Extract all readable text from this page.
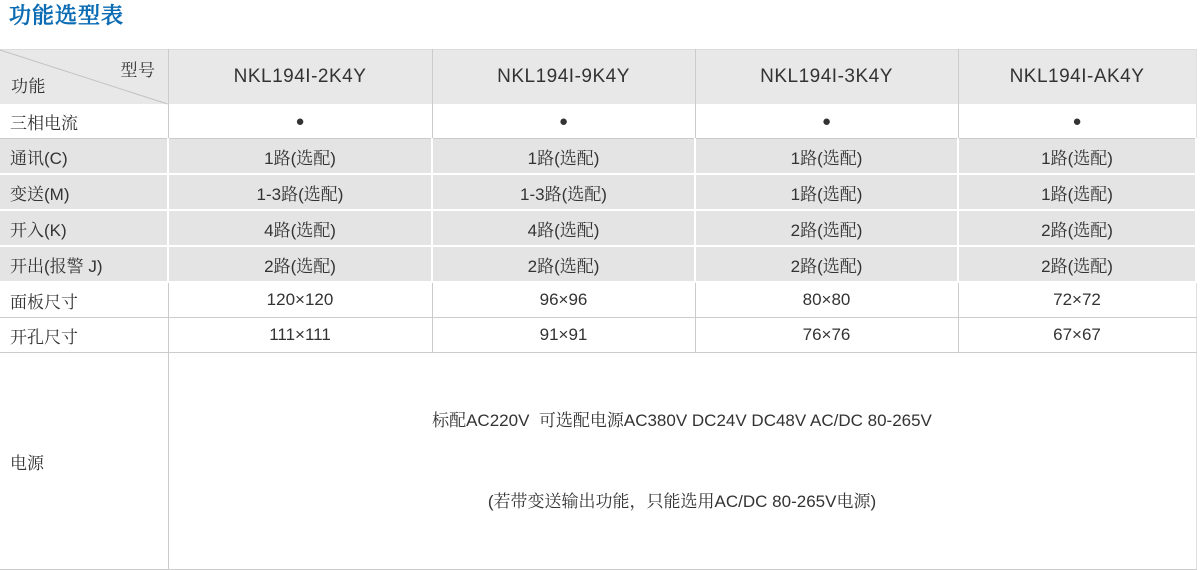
功能选型表
型号
功能	NKL194I-2K4Y	NKL194I-9K4Y	NKL194I-3K4Y	NKL194I-AK4Y
三相电流	●	●	●	●
通讯(C)	1路(选配)	1路(选配)	1路(选配)	1路(选配)
变送(M)	1-3路(选配)	1-3路(选配)	1路(选配)	1路(选配)
开入(K)	4路(选配)	4路(选配)	2路(选配)	2路(选配)
开出(报警 J)	2路(选配)	2路(选配)	2路(选配)	2路(选配)
面板尺寸	120×120	96×96	80×80	72×72
开孔尺寸	111×111	91×91	76×76	67×67
电源	标配AC220V  可选配电源AC380V DC24V DC48V AC/DC 80-265V

(若带变送输出功能，只能选用AC/DC 80-265V电源)			
